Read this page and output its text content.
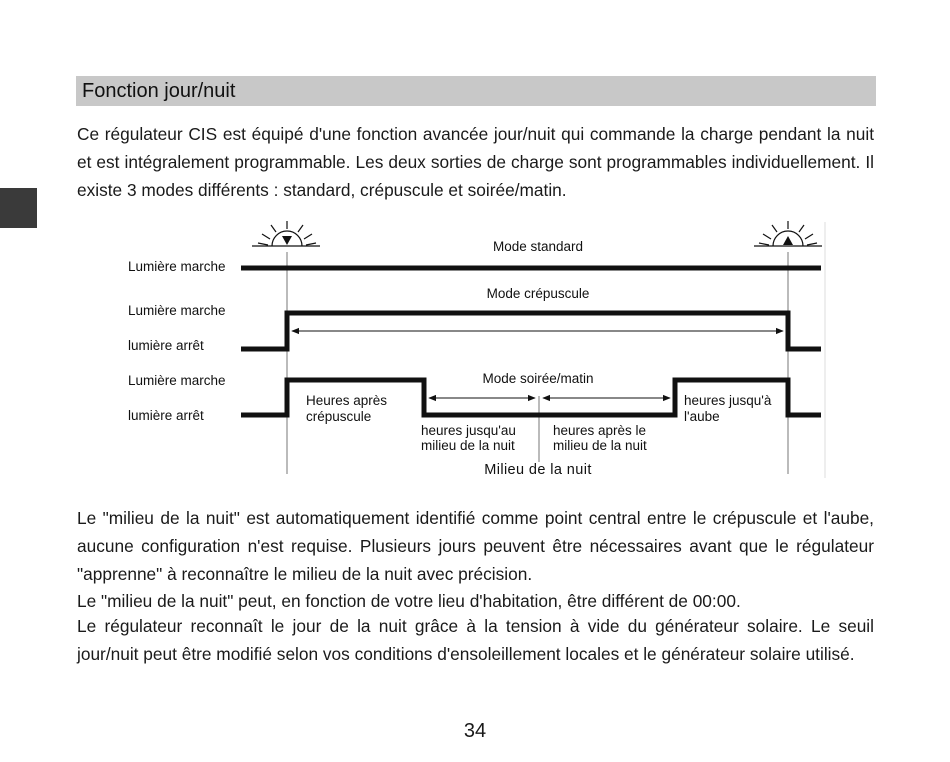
Fonction jour/nuit

Ce régulateur CIS est équipé d'une fonction avancée jour/nuit qui commande la charge pendant la nuit et est intégralement programmable. Les deux sorties de charge sont programmables individuellement. Il existe 3 modes différents : standard, crépuscule et soirée/matin.

Mode standard
Lumière marche
Mode crépuscule
Lumière marche
lumière arrêt
Mode soirée/matin
Lumière marche
lumière arrêt
Heures après
crépuscule
heures jusqu'au
milieu de la nuit
heures après le
milieu de la nuit
heures jusqu'à
l'aube
Milieu de la nuit

Le "milieu de la nuit" est automatiquement identifié comme point central entre le crépuscule et l'aube, aucune configuration n'est requise. Plusieurs jours peuvent être nécessaires avant que le régulateur "apprenne" à reconnaître le milieu de la nuit avec précision.

Le "milieu de la nuit" peut, en fonction de votre lieu d'habitation, être différent de 00:00.

Le régulateur reconnaît le jour de la nuit grâce à la tension à vide du générateur solaire. Le seuil jour/nuit peut être modifié selon vos conditions d'ensoleillement locales et le générateur solaire utilisé.

34
